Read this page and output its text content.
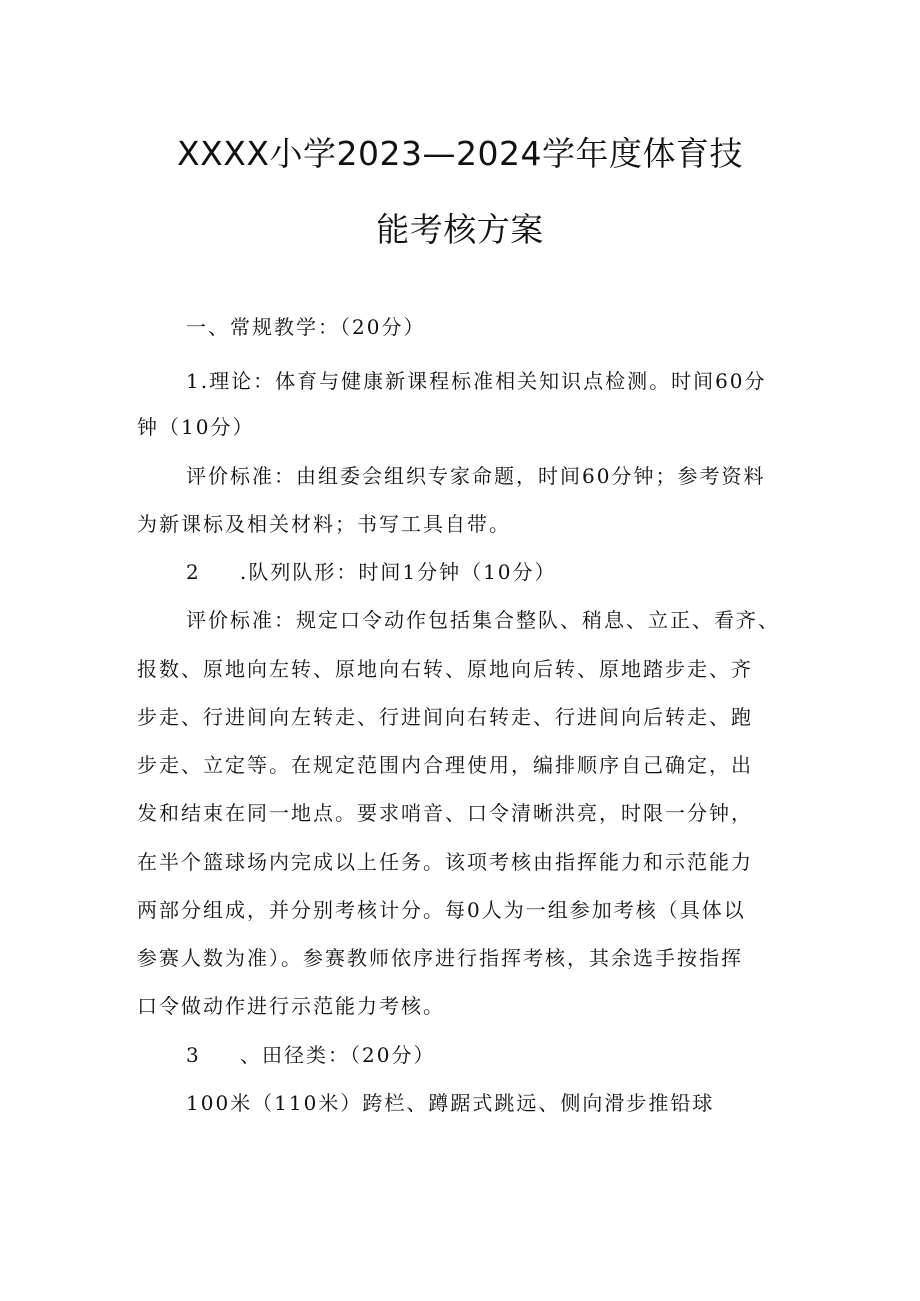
XXXX小学2023—2024学年度体育技
能考核方案
一、常规教学：（20分）
1.理论：体育与健康新课程标准相关知识点检测。时间60分
钟（10分）
评价标准：由组委会组织专家命题，时间60分钟；参考资料
为新课标及相关材料；书写工具自带。
2 .队列队形：时间1分钟（10分）
评价标准：规定口令动作包括集合整队、稍息、立正、看齐、
报数、原地向左转、原地向右转、原地向后转、原地踏步走、齐
步走、行进间向左转走、行进间向右转走、行进间向后转走、跑
步走、立定等。在规定范围内合理使用，编排顺序自己确定，出
发和结束在同一地点。要求哨音、口令清晰洪亮，时限一分钟，
在半个篮球场内完成以上任务。该项考核由指挥能力和示范能力
两部分组成，并分别考核计分。每0人为一组参加考核（具体以
参赛人数为准）。参赛教师依序进行指挥考核，其余选手按指挥
口令做动作进行示范能力考核。
3 、田径类：（20分）
100米（110米）跨栏、蹲踞式跳远、侧向滑步推铅球
